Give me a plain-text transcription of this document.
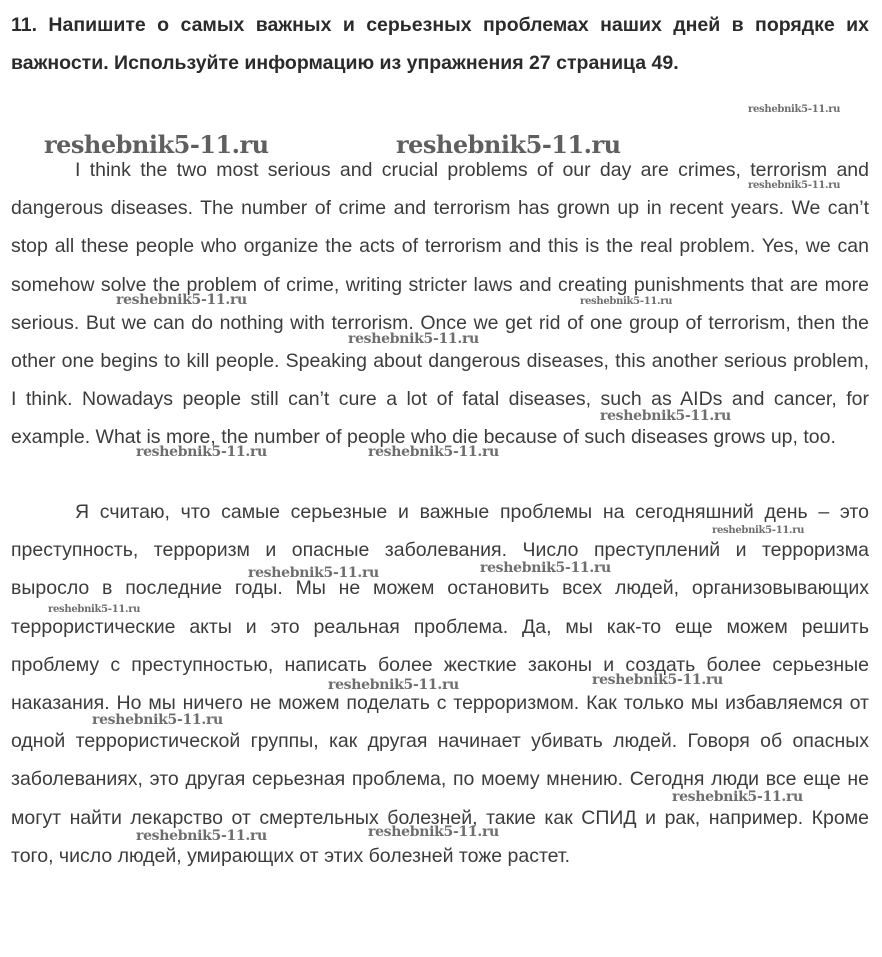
11. Напишите о самых важных и серьезных проблемах наших дней в порядке их важности. Используйте информацию из упражнения 27 страница 49.

I think the two most serious and crucial problems of our day are crimes, terrorism and dangerous diseases. The number of crime and terrorism has grown up in recent years. We can’t stop all these people who organize the acts of terrorism and this is the real problem. Yes, we can somehow solve the problem of crime, writing stricter laws and creating punishments that are more serious. But we can do nothing with terrorism. Once we get rid of one group of terrorism, then the other one begins to kill people. Speaking about dangerous diseases, this another serious problem, I think. Nowadays people still can’t cure a lot of fatal diseases, such as AIDs and cancer, for example. What is more, the number of people who die because of such diseases grows up, too.

Я считаю, что самые серьезные и важные проблемы на сегодняшний день – это преступность, терроризм и опасные заболевания. Число преступлений и терроризма выросло в последние годы. Мы не можем остановить всех людей, организовывающих террористические акты и это реальная проблема. Да, мы как-то еще можем решить проблему с преступностью, написать более жесткие законы и создать более серьезные наказания. Но мы ничего не можем поделать с терроризмом. Как только мы избавляемся от одной террористической группы, как другая начинает убивать людей. Говоря об опасных заболеваниях, это другая серьезная проблема, по моему мнению. Сегодня люди все еще не могут найти лекарство от смертельных болезней, такие как СПИД и рак, например. Кроме того, число людей, умирающих от этих болезней тоже растет.

reshebnik5-11.ru
reshebnik5-11.ru	reshebnik5-11.ru
reshebnik5-11.ru
reshebnik5-11.ru	reshebnik5-11.ru
reshebnik5-11.ru
reshebnik5-11.ru
reshebnik5-11.ru	reshebnik5-11.ru
reshebnik5-11.ru
reshebnik5-11.ru	reshebnik5-11.ru
reshebnik5-11.ru
reshebnik5-11.ru	reshebnik5-11.ru
reshebnik5-11.ru
reshebnik5-11.ru
reshebnik5-11.ru	reshebnik5-11.ru
